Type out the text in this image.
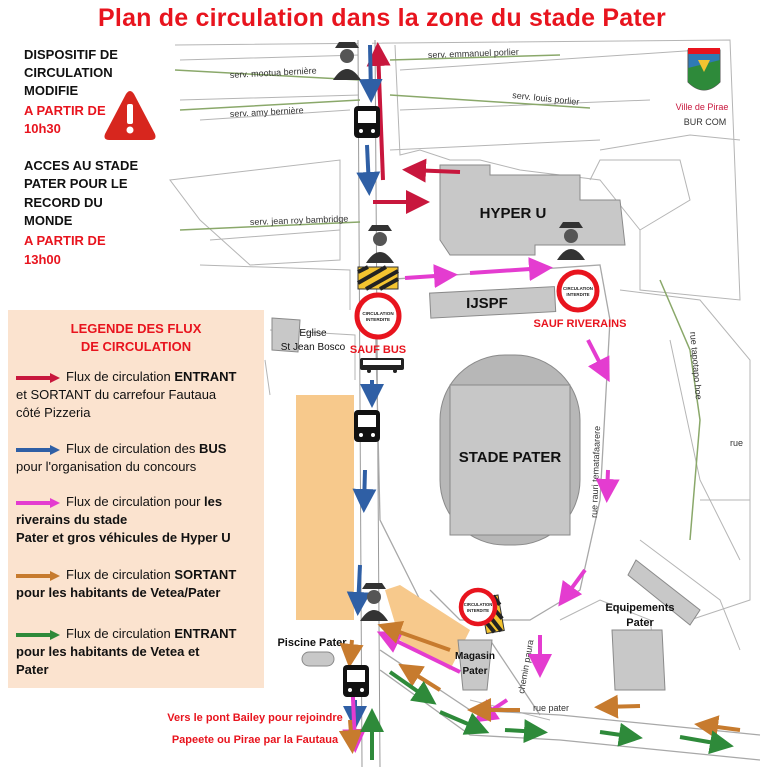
serv. emmanuel porlier
serv. mootua bernière
serv. louis porlier
serv. amy bernière
serv. jean roy bambridge
rue tapotapo hoe
rue rauri tematafaarere
chemin paura
rue pater
rue
HYPER U
IJSPF
Eglise
St Jean Bosco
STADE PATER
Equipements
Pater
Piscine Pater
Magasin
Pater
CIRCULATION
INTERDITE
CIRCULATION
INTERDITE
CIRCULATION
INTERDITE
SAUF BUS
SAUF RIVERAINS
Ville de Pirae
BUR COM
Plan de circulation dans la zone du stade Pater
DISPOSITIF DE
CIRCULATION
MODIFIE
A PARTIR DE
10h30
ACCES AU STADE
PATER POUR LE
RECORD DU
MONDE
A PARTIR DE
13h00
LEGENDE DES FLUX
DE CIRCULATION
Flux de circulation ENTRANT
et SORTANT du carrefour Fautaua
côté Pizzeria
Flux de circulation des BUS
pour l'organisation du concours
Flux de circulation pour les
riverains du stade
Pater et gros véhicules de Hyper U
Flux de circulation SORTANT
pour les habitants de Vetea/Pater
Flux de circulation ENTRANT
pour les habitants de Vetea et
Pater
Vers le pont Bailey pour rejoindre
Papeete ou Pirae par la Fautaua
